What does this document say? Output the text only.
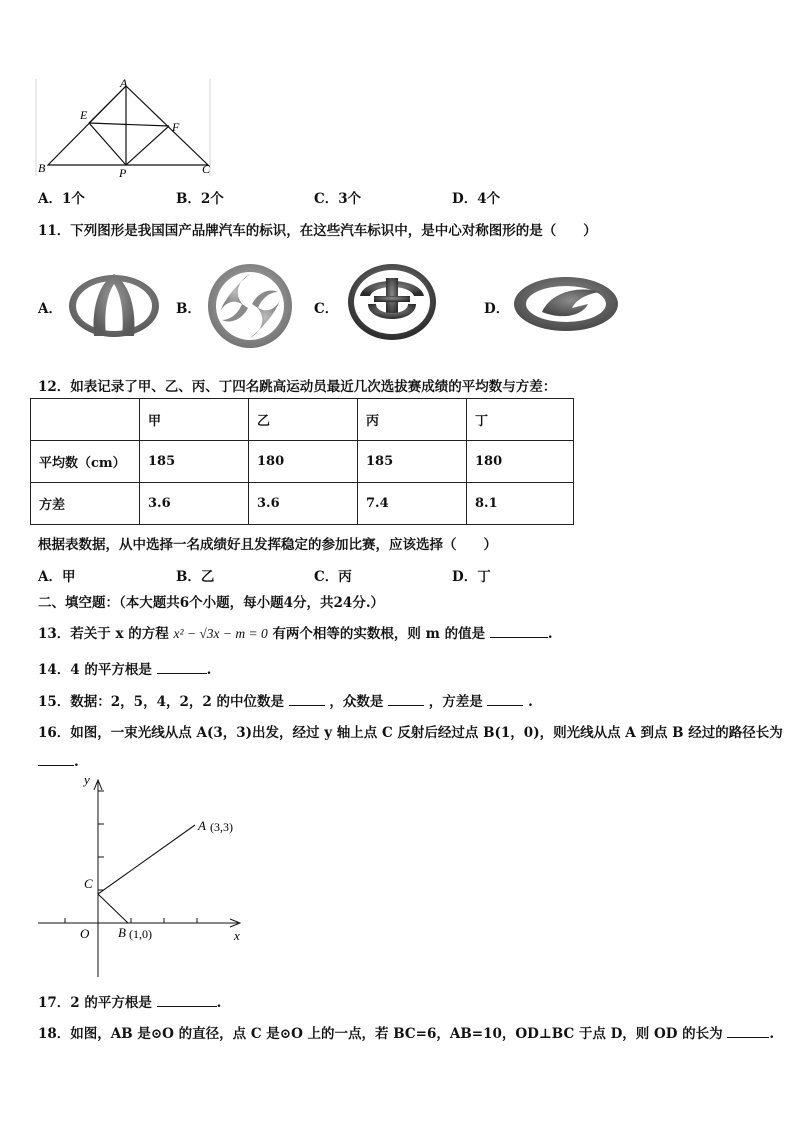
A
E
F
B	C
P
A．1个	B．2个	C．3个	D．4个
11．下列图形是我国国产品牌汽车的标识，在这些汽车标识中，是中心对称图形的是（　　）
A．	B．	C．	D．
12．如表记录了甲、乙、丙、丁四名跳高运动员最近几次选拔赛成绩的平均数与方差：
	甲	乙	丙	丁
平均数（cm）	185	180	185	180
方差	3.6	3.6	7.4	8.1
根据表数据，从中选择一名成绩好且发挥稳定的参加比赛，应该选择（　　）
A．甲	B．乙	C．丙	D．丁
二、填空题：（本大题共6个小题，每小题4分，共24分.）
13．若关于 x 的方程 x² − √3x − m = 0 有两个相等的实数根，则 m 的值是	.
14．4 的平方根是	.
15．数据：2，5，4，2，2 的中位数是	，众数是	，方差是	.
16．如图，一束光线从点 A(3，3)出发，经过 y 轴上点 C 反射后经过点 B(1，0)，则光线从点 A 到点 B 经过的路径长为
.
y
x
O
C
A (3,3)
B (1,0)
17．2 的平方根是	.
18．如图，AB 是⊙O 的直径，点 C 是⊙O 上的一点，若 BC=6，AB=10，OD⊥BC 于点 D，则 OD 的长为	.
